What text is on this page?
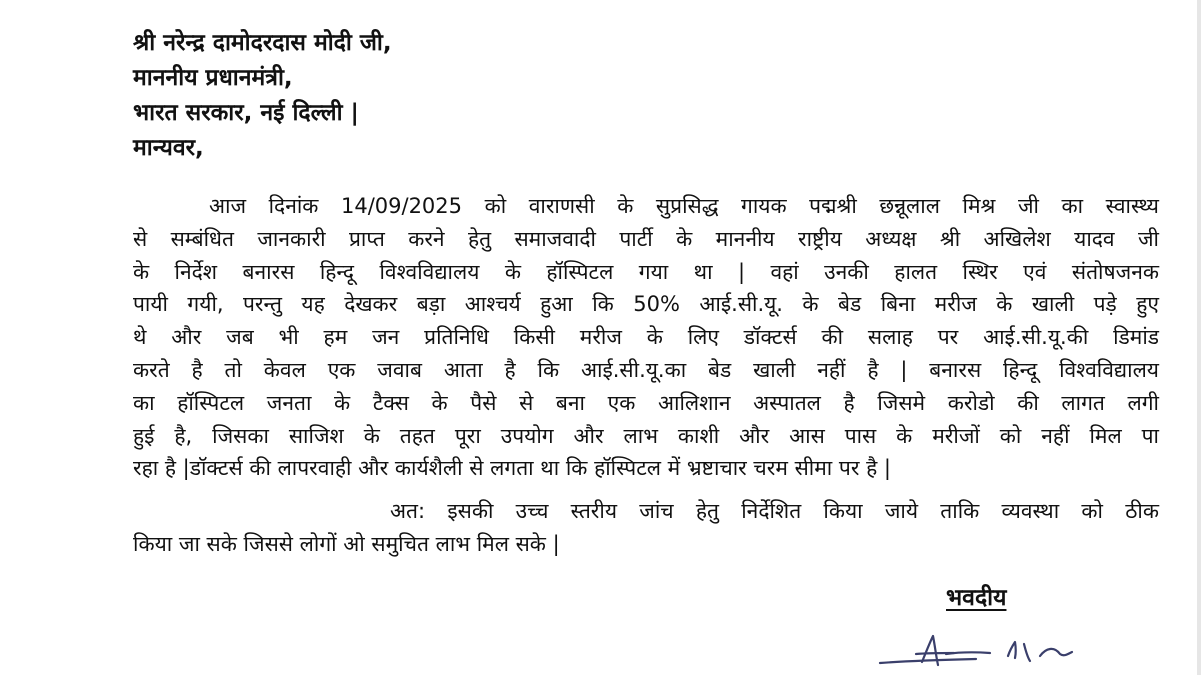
श्री नरेन्द्र दामोदरदास मोदी जी,
माननीय प्रधानमंत्री,
भारत सरकार, नई दिल्ली |
मान्यवर,
आज दिनांक 14/09/2025 को वाराणसी के सुप्रसिद्ध गायक पद्मश्री छन्नूलाल मिश्र जी का स्वास्थ्य
से सम्बंधित जानकारी प्राप्त करने हेतु समाजवादी पार्टी के माननीय राष्ट्रीय अध्यक्ष श्री अखिलेश यादव जी
के निर्देश बनारस हिन्दू विश्वविद्यालय के हॉस्पिटल गया था | वहां उनकी हालत स्थिर एवं संतोषजनक
पायी गयी, परन्तु यह देखकर बड़ा आश्चर्य हुआ कि 50% आई.सी.यू. के बेड बिना मरीज के खाली पड़े हुए
थे और जब भी हम जन प्रतिनिधि किसी मरीज के लिए डॉक्टर्स की सलाह पर आई.सी.यू.की डिमांड
करते है तो केवल एक जवाब आता है कि आई.सी.यू.का बेड खाली नहीं है | बनारस हिन्दू विश्वविद्यालय
का हॉस्पिटल जनता के टैक्स के पैसे से बना एक आलिशान अस्पातल है जिसमे करोडो की लागत लगी
हुई है, जिसका साजिश के तहत पूरा उपयोग और लाभ काशी और आस पास के मरीजों को नहीं मिल पा
रहा है |डॉक्टर्स की लापरवाही और कार्यशैली से लगता था कि हॉस्पिटल में भ्रष्टाचार चरम सीमा पर है |
अत: इसकी उच्च स्तरीय जांच हेतु निर्देशित किया जाये ताकि व्यवस्था को ठीक
किया जा सके जिससे लोगों ओ समुचित लाभ मिल सके |
भवदीय
